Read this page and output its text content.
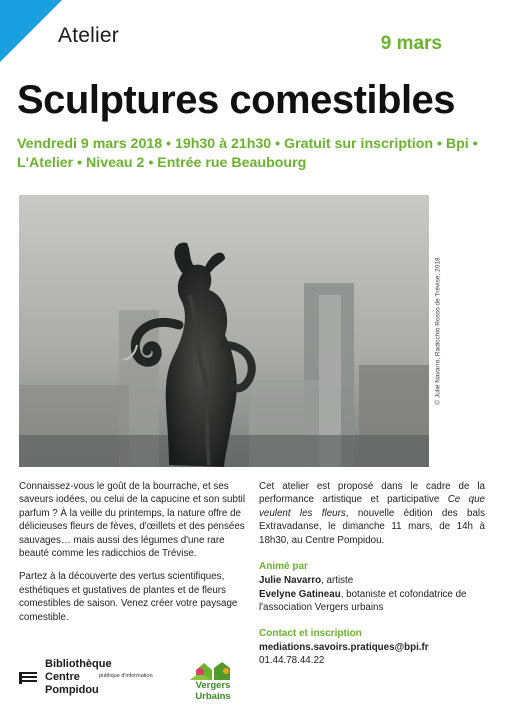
Atelier	9 mars
Sculptures comestibles
Vendredi 9 mars 2018 • 19h30 à 21h30 • Gratuit sur inscription • Bpi • L'Atelier • Niveau 2 • Entrée rue Beaubourg
© Julie Navarro, Radicchio Rosso de Trévise, 2018

Connaissez-vous le goût de la bourrache, et ses saveurs iodées, ou celui de la capucine et son subtil parfum ? À la veille du printemps, la nature offre de délicieuses fleurs de fèves, d'œillets et des pensées sauvages… mais aussi des légumes d'une rare beauté comme les radicchios de Trévise.

Partez à la découverte des vertus scientifiques, esthétiques et gustatives de plantes et de fleurs comestibles de saison. Venez créer votre paysage comestible.

Cet atelier est proposé dans le cadre de la performance artistique et participative Ce que veulent les fleurs, nouvelle édition des bals Extravadanse, le dimanche 11 mars, de 14h à 18h30, au Centre Pompidou.

Animé par
Julie Navarro, artiste
Evelyne Gatineau, botaniste et cofondatrice de l'association Vergers urbains
Contact et inscription
mediations.savoirs.pratiques@bpi.fr
01.44.78.44.22
Bibliothèque
Centre
Pompidou
publique d'information
Vergers
Urbains
